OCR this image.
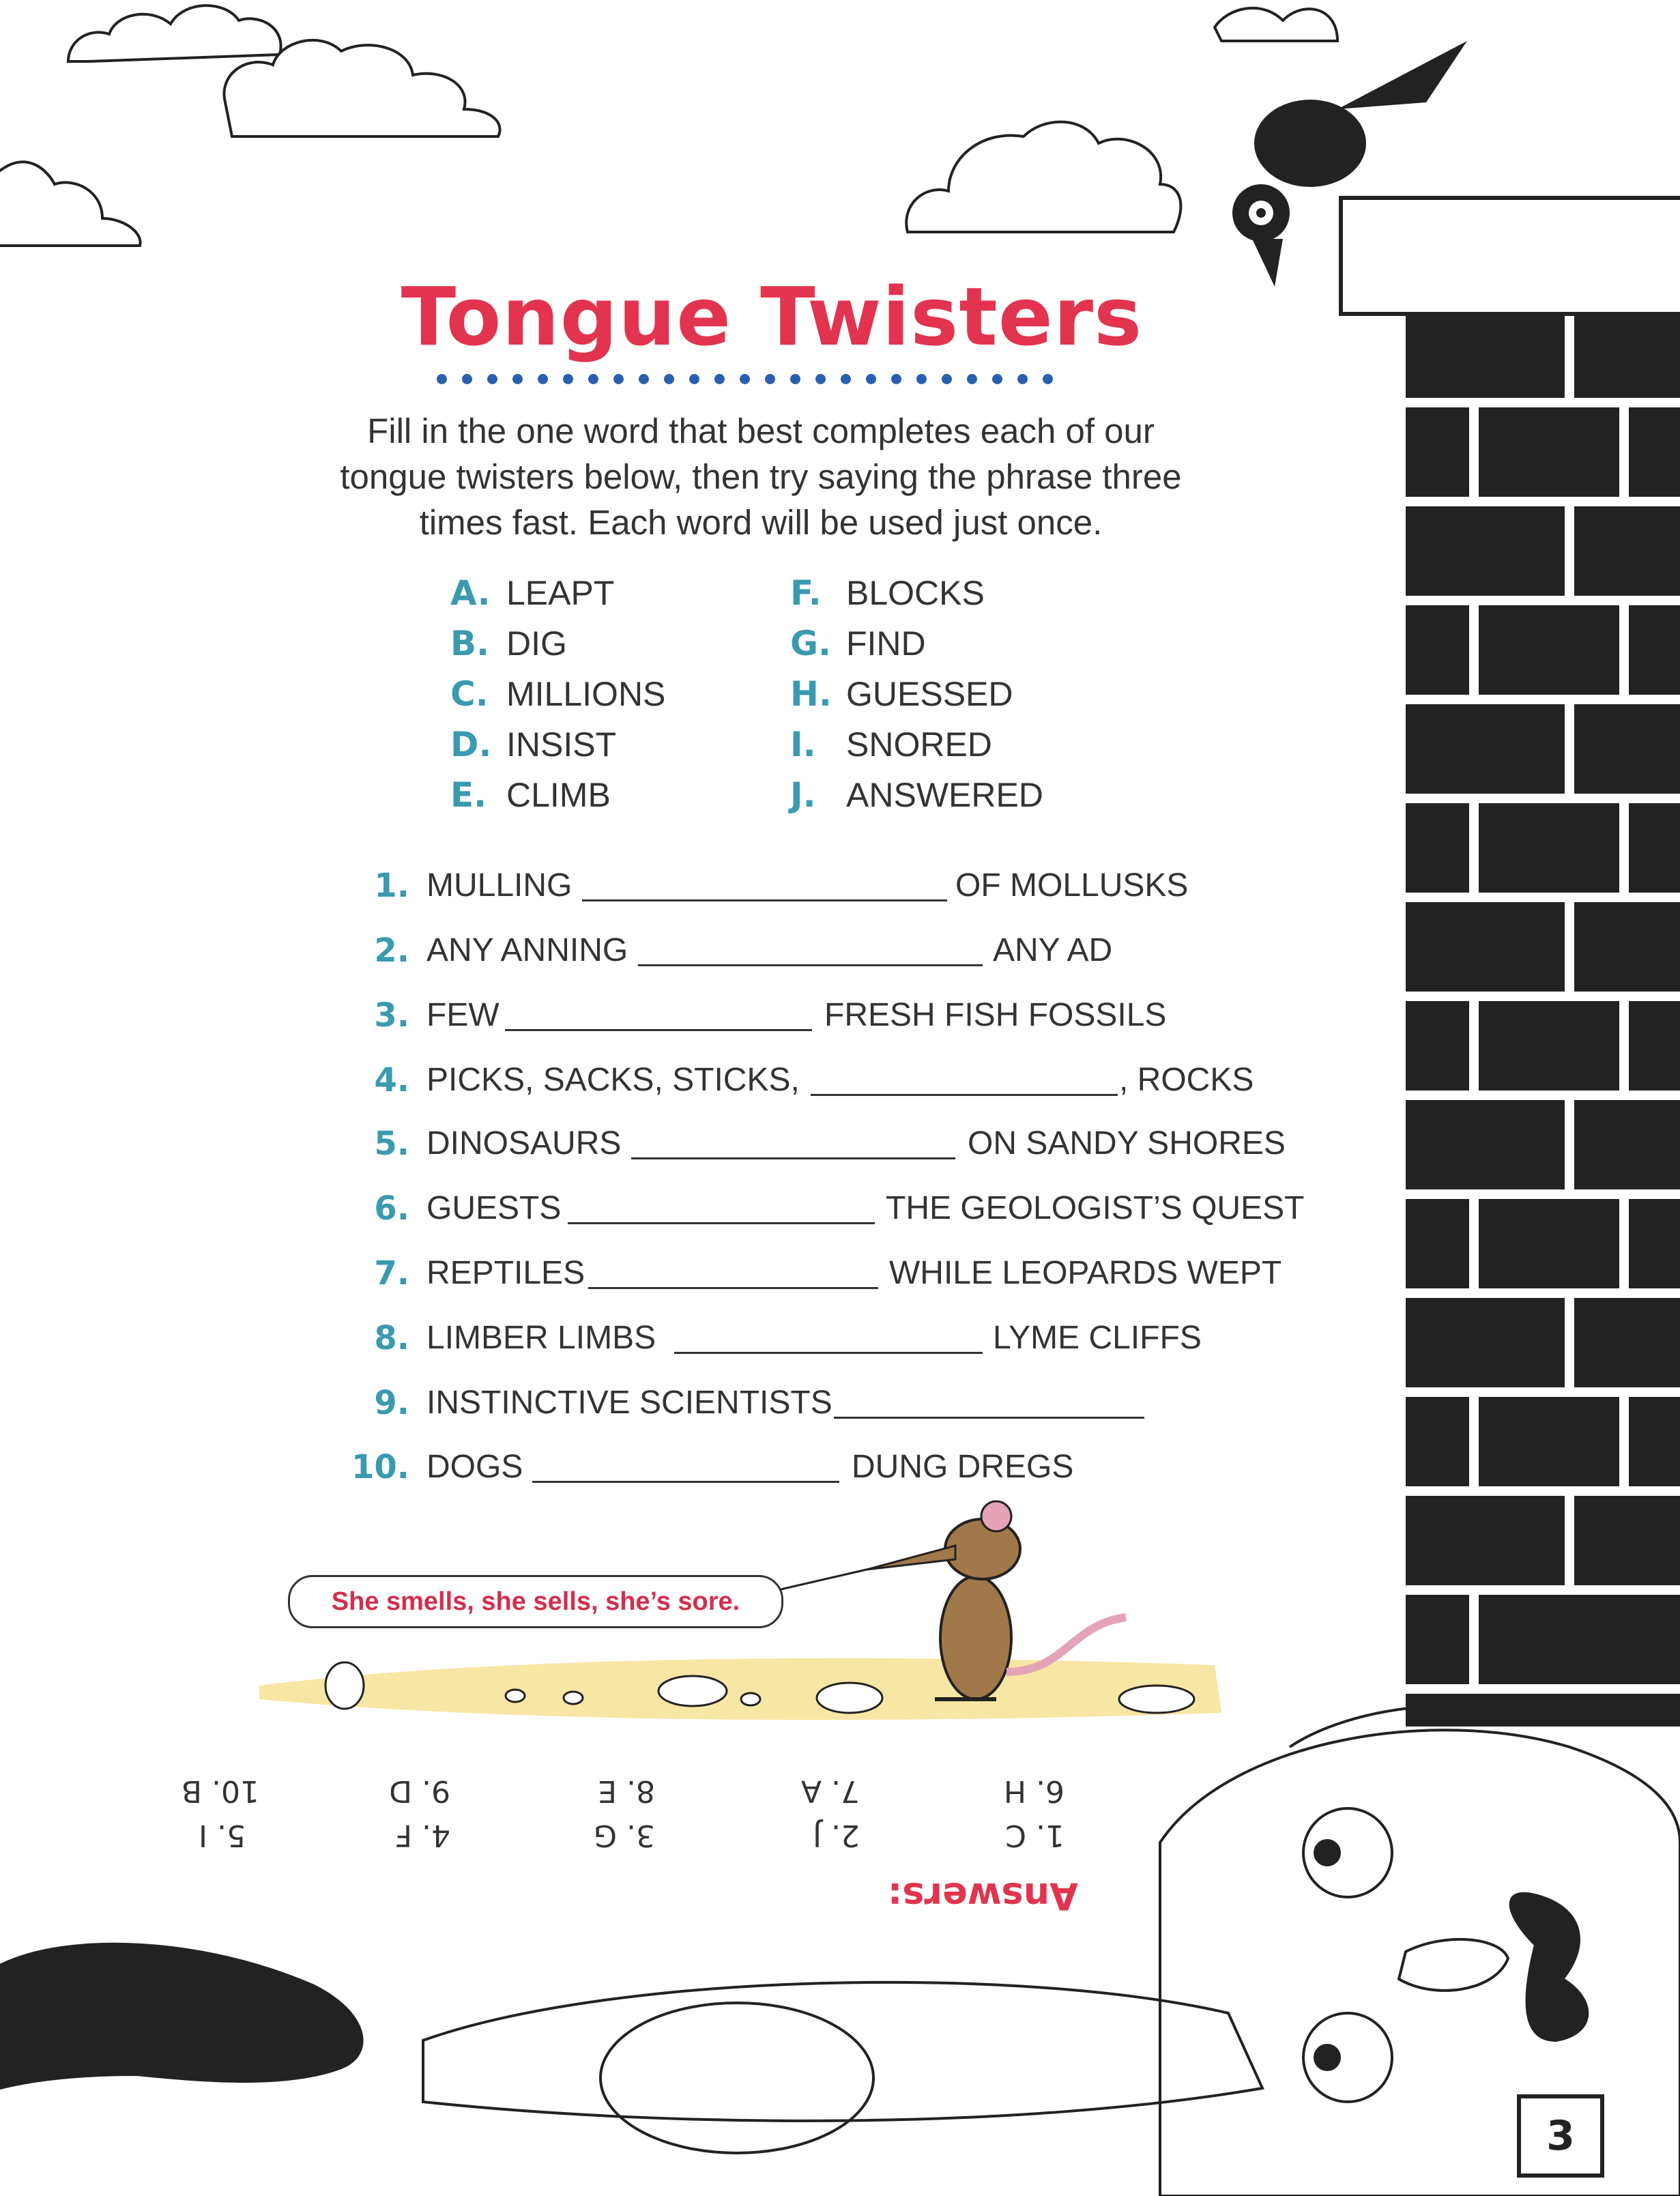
Tongue Twisters
Fill in the one word that best completes each of our
tongue twisters below, then try saying the phrase three
times fast. Each word will be used just once.
A. LEAPT
B. DIG
C. MILLIONS
D. INSIST
E. CLIMB
F. BLOCKS
G. FIND
H. GUESSED
I. SNORED
J. ANSWERED
1. MULLING	OF MOLLUSKS
2. ANY ANNING	ANY AD
3. FEW	FRESH FISH FOSSILS
4. PICKS, SACKS, STICKS,	, ROCKS
5. DINOSAURS	ON SANDY SHORES
6. GUESTS	THE GEOLOGIST’S QUEST
7. REPTILES	WHILE LEOPARDS WEPT
8. LIMBER LIMBS	LYME CLIFFS
9. INSTINCTIVE SCIENTISTS
10. DOGS	DUNG DREGS
She smells, she sells, she’s sore.
Answers:
1. C
2. J
3. G
4. F
5. I
6. H
7. A
8. E
9. D
10. B
3
